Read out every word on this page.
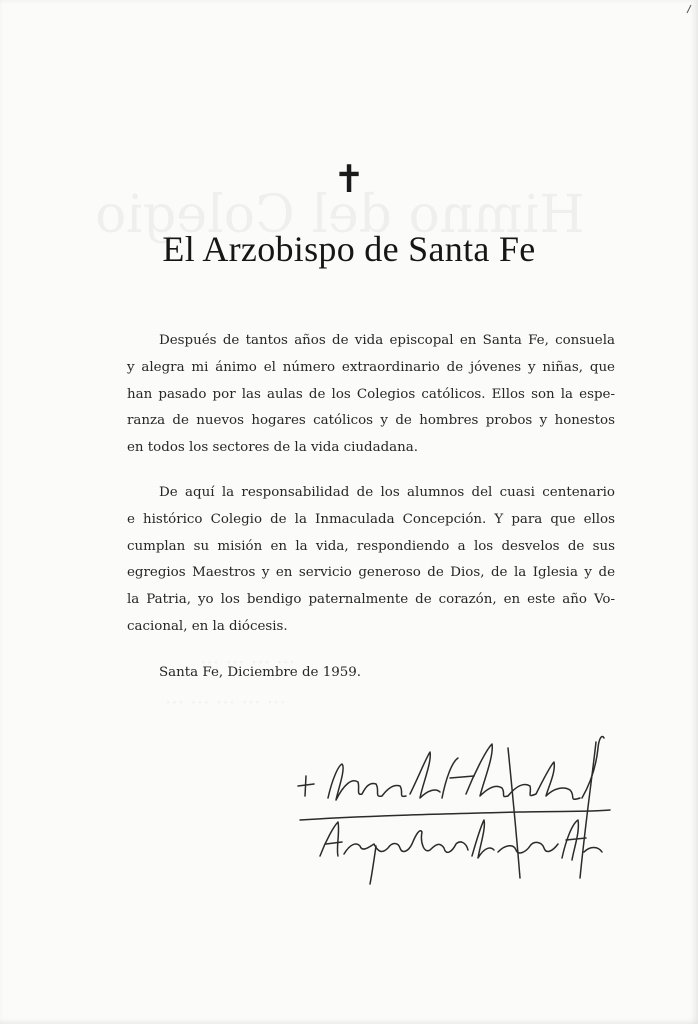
✝
El Arzobispo de Santa Fe
Después de tantos años de vida episcopal en Santa Fe, consuela
y alegra mi ánimo el número extraordinario de jóvenes y niñas, que
han pasado por las aulas de los Colegios católicos. Ellos son la espe-
ranza de nuevos hogares católicos y de hombres probos y honestos
en todos los sectores de la vida ciudadana.
De aquí la responsabilidad de los alumnos del cuasi centenario
e histórico Colegio de la Inmaculada Concepción. Y para que ellos
cumplan su misión en la vida, respondiendo a los desvelos de sus
egregios Maestros y en servicio generoso de Dios, de la Iglesia y de
la Patria, yo los bendigo paternalmente de corazón, en este año Vo-
cacional, en la diócesis.
Santa Fe, Diciembre de 1959.
